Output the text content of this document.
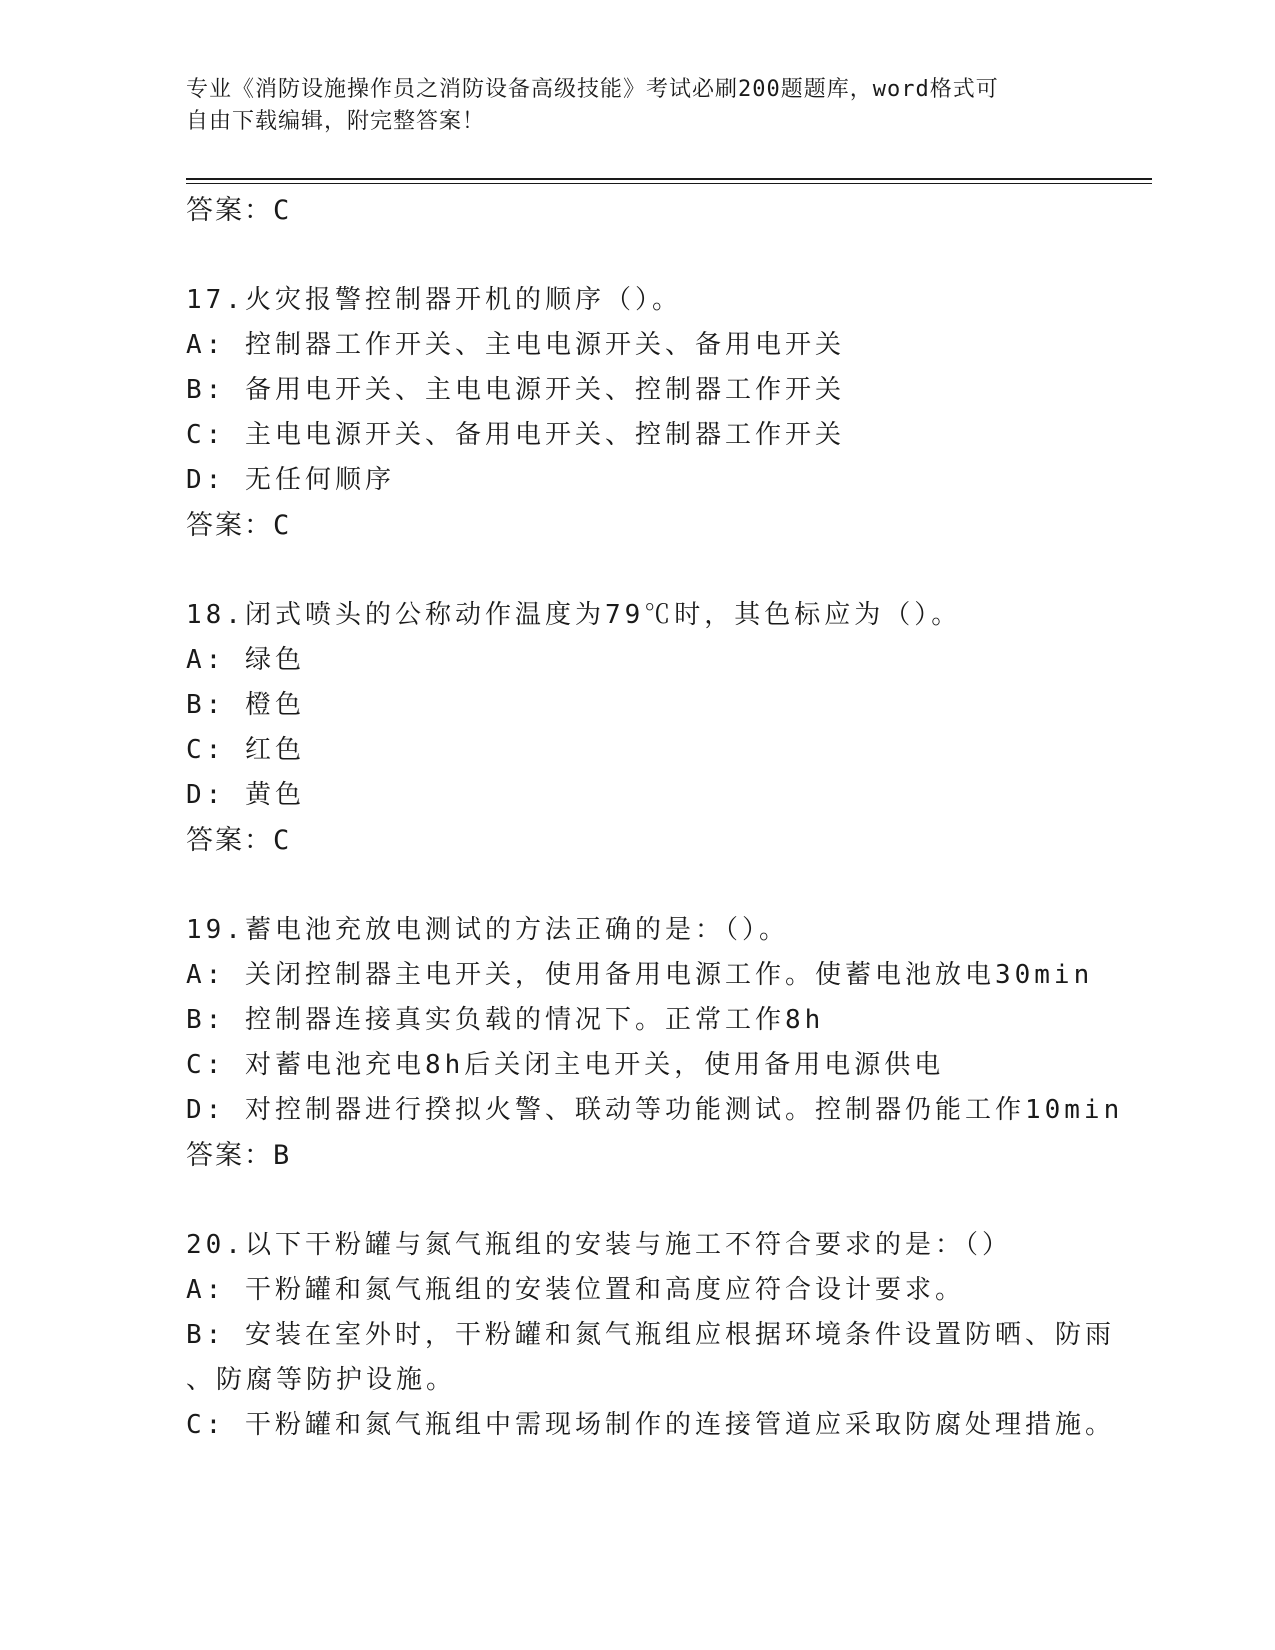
专业《消防设施操作员之消防设备高级技能》考试必刷200题题库，word格式可
自由下载编辑，附完整答案！
答案：C
17.火灾报警控制器开机的顺序（）。
A: 控制器工作开关、主电电源开关、备用电开关
B: 备用电开关、主电电源开关、控制器工作开关
C: 主电电源开关、备用电开关、控制器工作开关
D: 无任何顺序
答案：C
18.闭式喷头的公称动作温度为79℃时，其色标应为（）。
A: 绿色
B: 橙色
C: 红色
D: 黄色
答案：C
19.蓄电池充放电测试的方法正确的是：（）。
A: 关闭控制器主电开关，使用备用电源工作。使蓄电池放电30min
B: 控制器连接真实负载的情况下。正常工作8h
C: 对蓄电池充电8h后关闭主电开关，使用备用电源供电
D: 对控制器进行揆拟火警、联动等功能测试。控制器仍能工作10min
答案：B
20.以下干粉罐与氮气瓶组的安装与施工不符合要求的是：（）
A: 干粉罐和氮气瓶组的安装位置和高度应符合设计要求。
B: 安装在室外时，干粉罐和氮气瓶组应根据环境条件设置防晒、防雨
、防腐等防护设施。
C: 干粉罐和氮气瓶组中需现场制作的连接管道应采取防腐处理措施。
